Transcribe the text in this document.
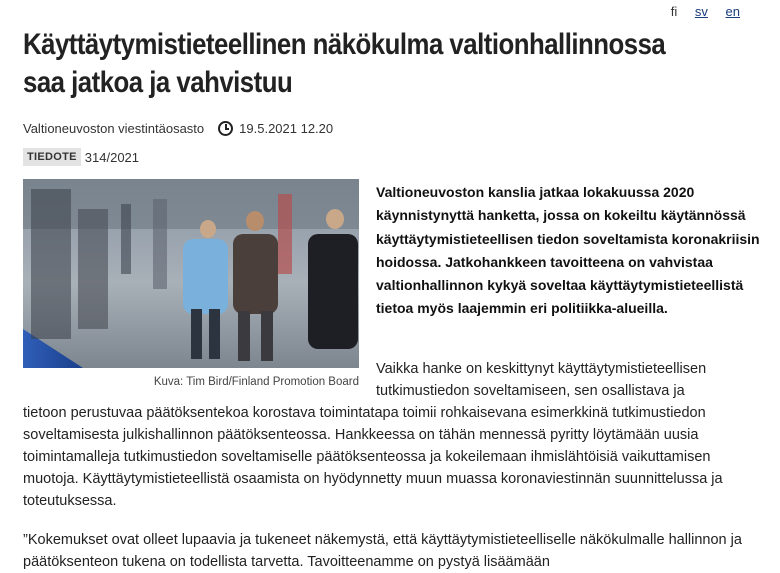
fi sv en
Käyttäytymistieteellinen näkökulma valtionhallinnossa
saa jatkoa ja vahvistuu
Valtioneuvoston viestintäosasto	19.5.2021 12.20
TIEDOTE 314/2021
Kuva: Tim Bird/Finland Promotion Board

Valtioneuvoston kanslia jatkaa lokakuussa 2020 käynnistynyttä hanketta, jossa on kokeiltu käytännössä käyttäytymistieteellisen tiedon soveltamista koronakriisin hoidossa. Jatkohankkeen tavoitteena on vahvistaa valtionhallinnon kykyä soveltaa käyttäytymistieteellistä tietoa myös laajemmin eri politiikka-alueilla.

Vaikka hanke on keskittynyt käyttäytymistieteellisen tutkimustiedon soveltamiseen, sen osallistava ja

tietoon perustuvaa päätöksentekoa korostava toimintatapa toimii rohkaisevana esimerkkinä tutkimustiedon soveltamisesta julkishallinnon päätöksenteossa. Hankkeessa on tähän mennessä pyritty löytämään uusia toimintamalleja tutkimustiedon soveltamiselle päätöksenteossa ja kokeilemaan ihmislähtöisiä vaikuttamisen muotoja. Käyttäytymistieteellistä osaamista on hyödynnetty muun muassa koronaviestinnän suunnittelussa ja toteutuksessa.

”Kokemukset ovat olleet lupaavia ja tukeneet näkemystä, että käyttäytymistieteelliselle näkökulmalle hallinnon ja päätöksenteon tukena on todellista tarvetta. Tavoitteenamme on pystyä lisäämään
